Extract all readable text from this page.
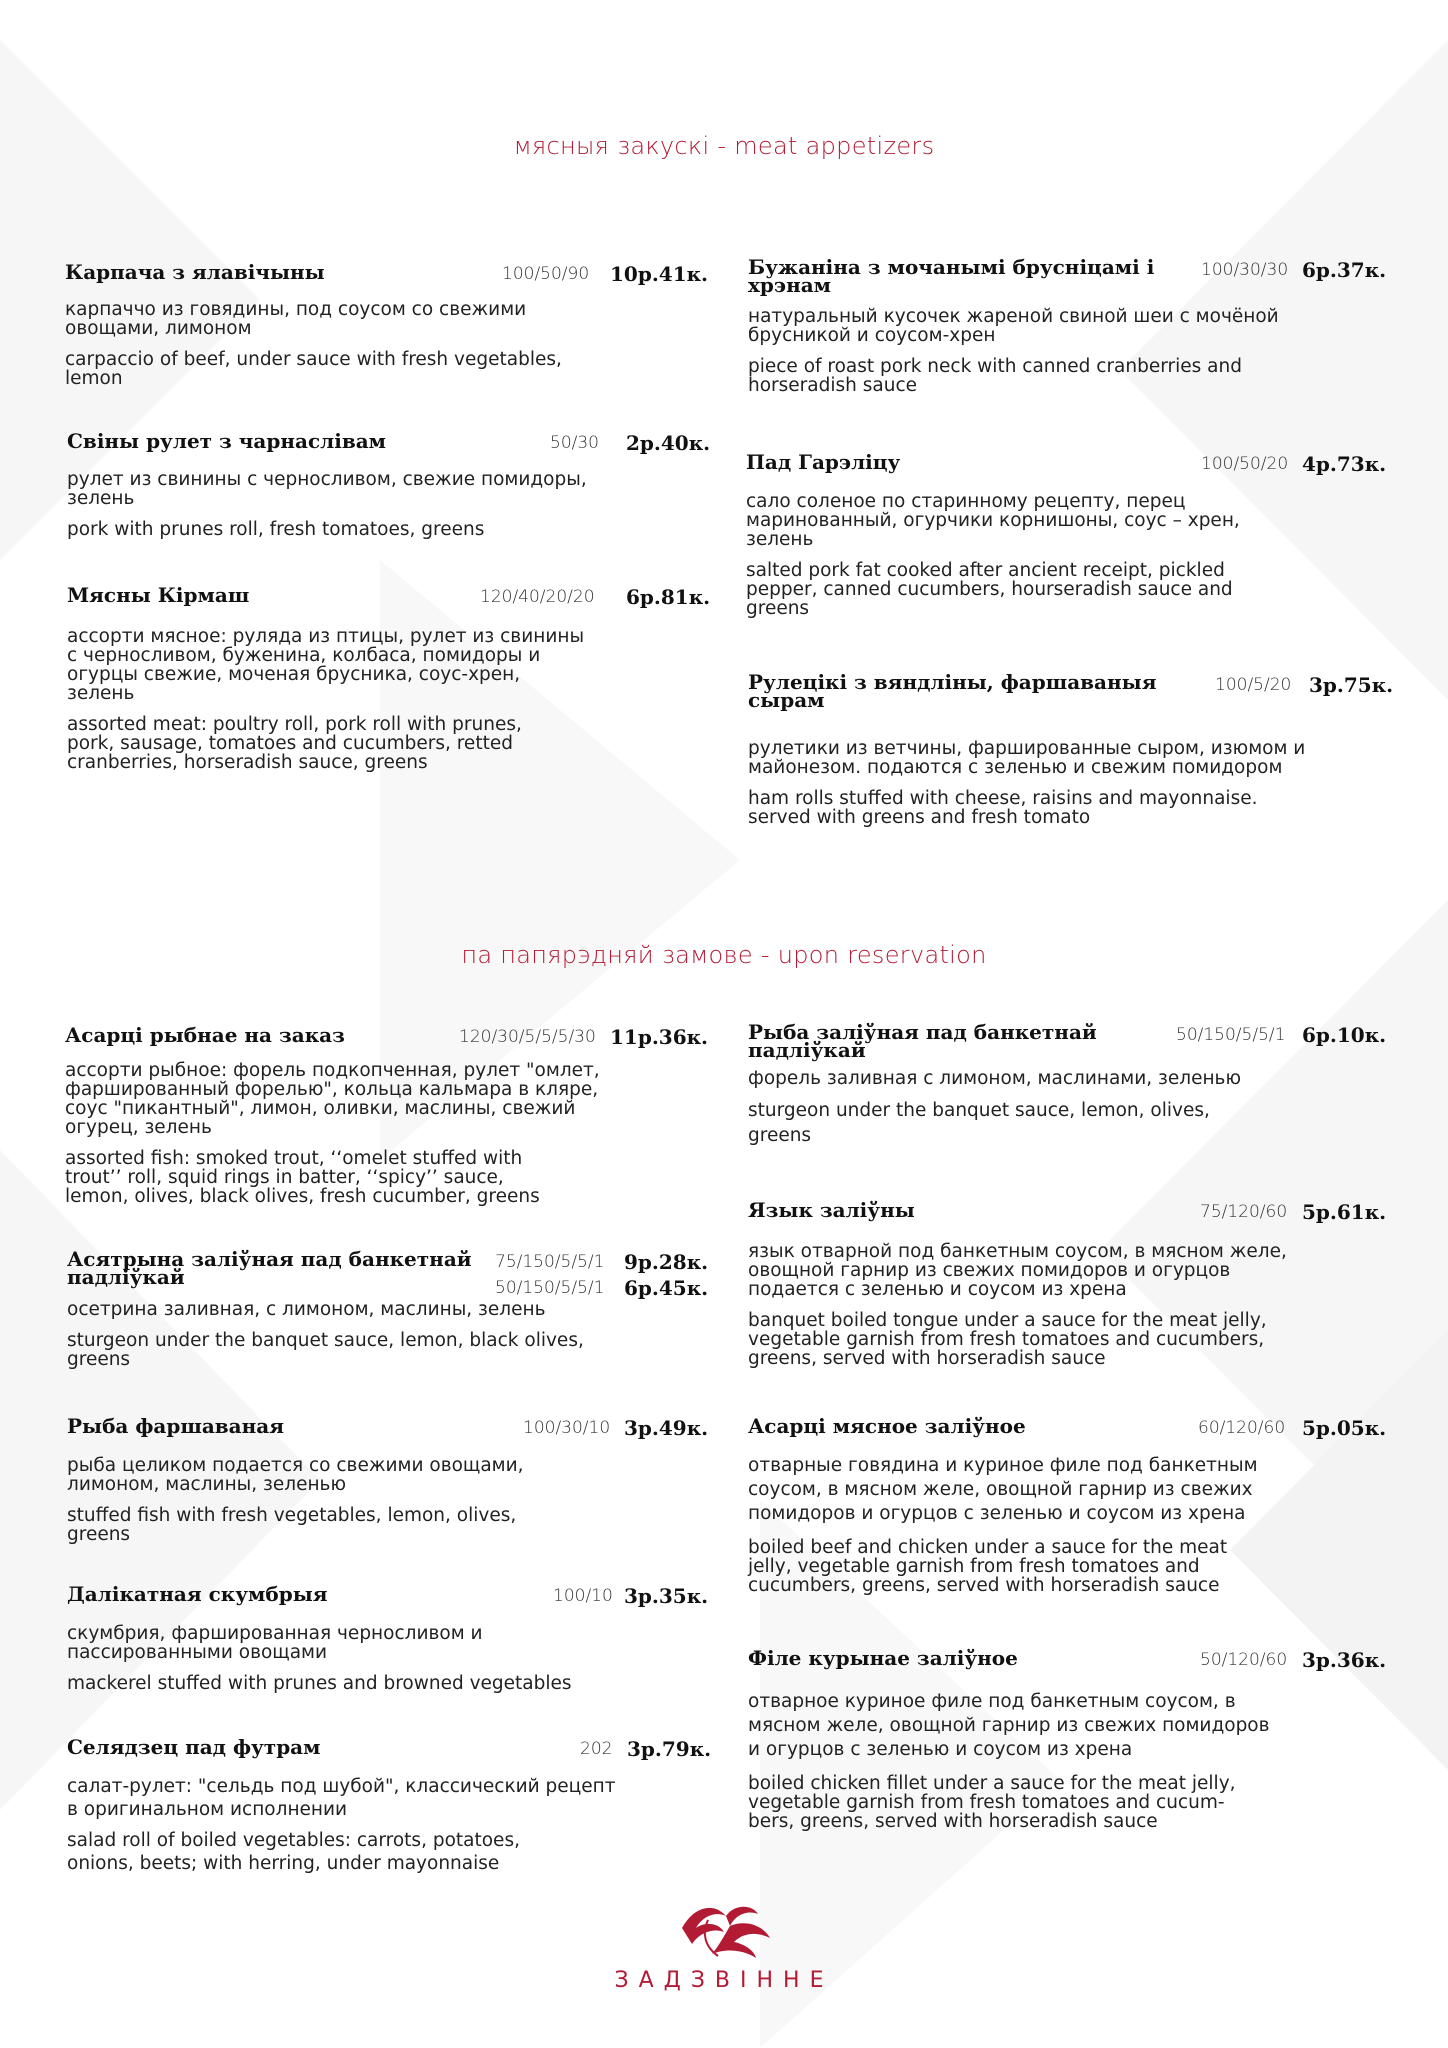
мясныя закускі - meat appetizers
Карпача з ялавічыны	100/50/90 10р.41к.
карпаччо из говядины, под соусом со свежими
овощами, лимоном
carpaccio of beef, under sauce with fresh vegetables,
lemon
Свіны рулет з чарнаслівам	50/30 2р.40к.
рулет из свинины с черносливом, свежие помидоры,
зелень
pork with prunes roll, fresh tomatoes, greens
Мясны Кірмаш	120/40/20/20 6р.81к.
ассорти мясное: руляда из птицы, рулет из свинины
с черносливом, буженина, колбаса, помидоры и
огурцы свежие, моченая брусника, соус-хрен,
зелень
assorted meat: poultry roll, pork roll with prunes,
pork, sausage, tomatoes and cucumbers, retted
cranberries, horseradish sauce, greens
Бужаніна з мочанымі брусніцамі і
хрэнам
100/30/30 6р.37к.
натуральный кусочек жареной свиной шеи с мочёной
брусникой и соусом-хрен
piece of roast pork neck with canned cranberries and
horseradish sauce
Пад Гарэліцу	100/50/20 4р.73к.
сало соленое по старинному рецепту, перец
маринованный, огурчики корнишоны, соус – хрен,
зелень
salted pork fat cooked after ancient receipt, pickled
pepper, canned cucumbers, hourseradish sauce and
greens
Рулецікі з вяндліны, фаршаваныя
сырам
100/5/20 3р.75к.
рулетики из ветчины, фаршированные сыром, изюмом и
майонезом. подаются с зеленью и свежим помидором
ham rolls stuffed with cheese, raisins and mayonnaise.
served with greens and fresh tomato
па папярэдняй замове - upon reservation
Асарці рыбнае на заказ	120/30/5/5/5/30 11р.36к.
ассорти рыбное: форель подкопченная, рулет "омлет,
фаршированный форелью", кольца кальмара в кляре,
соус "пикантный", лимон, оливки, маслины, свежий
огурец, зелень
assorted fish: smoked trout, ‘‘omelet stuffed with
trout’’ roll, squid rings in batter, ‘‘spicy’’ sauce,
lemon, olives, black olives, fresh cucumber, greens
Асятрына заліўная пад банкетнай
падліўкай
75/150/5/5/1 9р.28к.
50/150/5/5/1 6р.45к.
осетрина заливная, с лимоном, маслины, зелень
sturgeon under the banquet sauce, lemon, black olives,
greens
Рыба фаршаваная	100/30/10 3р.49к.
рыба целиком подается со свежими овощами,
лимоном, маслины, зеленью
stuffed fish with fresh vegetables, lemon, olives,
greens
Далікатная скумбрыя	100/10 3р.35к.
скумбрия, фаршированная черносливом и
пассированными овощами
mackerel stuffed with prunes and browned vegetables
Селядзец пад футрам	202 3р.79к.
салат-рулет: "сельдь под шубой", классический рецепт
в оригинальном исполнении
salad roll of boiled vegetables: carrots, potatoes,
onions, beets; with herring, under mayonnaise
Рыба заліўная пад банкетнай
падліўкай
50/150/5/5/1 6р.10к.
форель заливная с лимоном, маслинами, зеленью
sturgeon under the banquet sauce, lemon, olives,
greens
Язык заліўны	75/120/60 5р.61к.
язык отварной под банкетным соусом, в мясном желе,
овощной гарнир из свежих помидоров и огурцов
подается с зеленью и соусом из хрена
banquet boiled tongue under a sauce for the meat jelly,
vegetable garnish from fresh tomatoes and cucumbers,
greens, served with horseradish sauce
Асарці мясное заліўное	60/120/60 5р.05к.
отварные говядина и куриное филе под банкетным
соусом, в мясном желе, овощной гарнир из свежих
помидоров и огурцов с зеленью и соусом из хрена
boiled beef and chicken under a sauce for the meat
jelly, vegetable garnish from fresh tomatoes and
cucumbers, greens, served with horseradish sauce
Філе курынае заліўное	50/120/60 3р.36к.
отварное куриное филе под банкетным соусом, в
мясном желе, овощной гарнир из свежих помидоров
и огурцов с зеленью и соусом из хрена
boiled chicken fillet under a sauce for the meat jelly,
vegetable garnish from fresh tomatoes and cucum-
bers, greens, served with horseradish sauce
ЗАДЗВІННЕ
